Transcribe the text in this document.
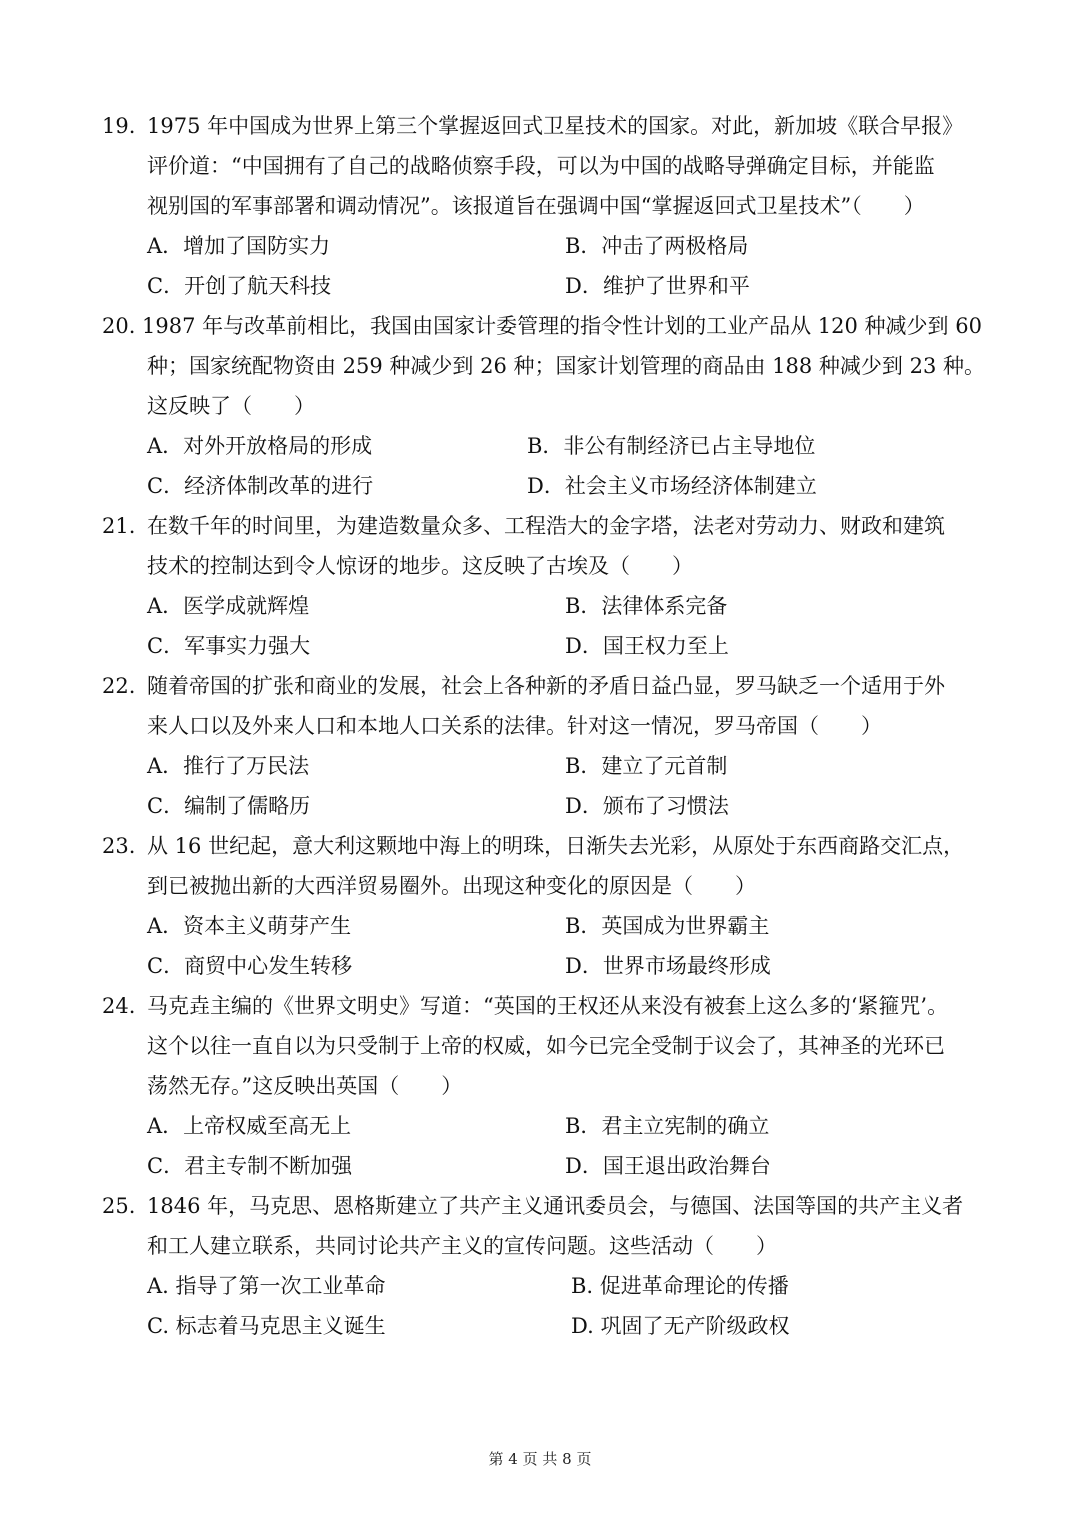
19. 1975 年中国成为世界上第三个掌握返回式卫星技术的国家。对此，新加坡《联合早报》
评价道：“中国拥有了自己的战略侦察手段，可以为中国的战略导弹确定目标，并能监
视别国的军事部署和调动情况”。该报道旨在强调中国“掌握返回式卫星技术”（　　）
A．增加了国防实力	B．冲击了两极格局
C．开创了航天科技	D．维护了世界和平
20. 1987 年与改革前相比，我国由国家计委管理的指令性计划的工业产品从 120 种减少到 60
种；国家统配物资由 259 种减少到 26 种；国家计划管理的商品由 188 种减少到 23 种。
这反映了（　　）
A．对外开放格局的形成	B．非公有制经济已占主导地位
C．经济体制改革的进行	D．社会主义市场经济体制建立
21. 在数千年的时间里，为建造数量众多、工程浩大的金字塔，法老对劳动力、财政和建筑
技术的控制达到令人惊讶的地步。这反映了古埃及（　　）
A．医学成就辉煌	B．法律体系完备
C．军事实力强大	D．国王权力至上
22. 随着帝国的扩张和商业的发展，社会上各种新的矛盾日益凸显，罗马缺乏一个适用于外
来人口以及外来人口和本地人口关系的法律。针对这一情况，罗马帝国（　　）
A．推行了万民法	B．建立了元首制
C．编制了儒略历	D．颁布了习惯法
23. 从 16 世纪起，意大利这颗地中海上的明珠，日渐失去光彩，从原处于东西商路交汇点，
到已被抛出新的大西洋贸易圈外。出现这种变化的原因是（　　）
A．资本主义萌芽产生	B．英国成为世界霸主
C．商贸中心发生转移	D．世界市场最终形成
24. 马克垚主编的《世界文明史》写道：“英国的王权还从来没有被套上这么多的‘紧箍咒’。
这个以往一直自以为只受制于上帝的权威，如今已完全受制于议会了，其神圣的光环已
荡然无存。”这反映出英国（　　）
A．上帝权威至高无上	B．君主立宪制的确立
C．君主专制不断加强	D．国王退出政治舞台
25. 1846 年，马克思、恩格斯建立了共产主义通讯委员会，与德国、法国等国的共产主义者
和工人建立联系，共同讨论共产主义的宣传问题。这些活动（　　）
A. 指导了第一次工业革命	B. 促进革命理论的传播
C. 标志着马克思主义诞生	D. 巩固了无产阶级政权
第 4 页 共 8 页
